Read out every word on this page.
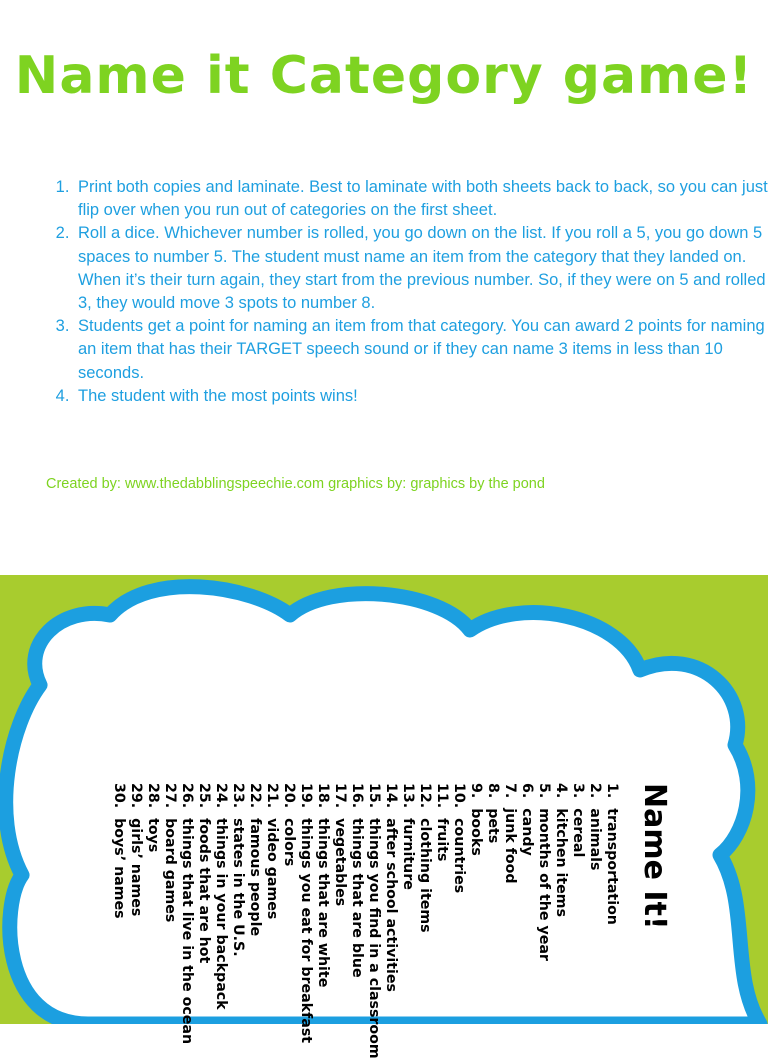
Name it Category game!
1. Print both copies and laminate. Best to laminate with both sheets back to back, so you can just flip over when you run out of categories on the first sheet.
2. Roll a dice. Whichever number is rolled, you go down on the list. If you roll a 5, you go down 5 spaces to number 5. The student must name an item from the category that they landed on. When it’s their turn again, they start from the previous number. So, if they were on 5 and rolled 3, they would move 3 spots to number 8.
3. Students get a point for naming an item from that category. You can award 2 points for naming an item that has their TARGET speech sound or if they can name 3 items in less than 10 seconds.
4. The student with the most points wins!

Created by: www.thedabblingspeechie.com graphics by: graphics by the pond

Name It!
1.transportation
2.animals
3.cereal
4.kitchen items
5.months of the year
6.candy
7.junk food
8.pets
9.books
10.countries
11.fruits
12.clothing items
13.furniture
14.after school activities
15.things you find in a classroom
16.things that are blue
17.vegetables
18.things that are white
19.things you eat for breakfast
20.colors
21.video games
22.famous people
23.states in the U.S.
24.things in your backpack
25.foods that are hot
26.things that live in the ocean
27.board games
28.toys
29.girls’ names
30.boys’ names
